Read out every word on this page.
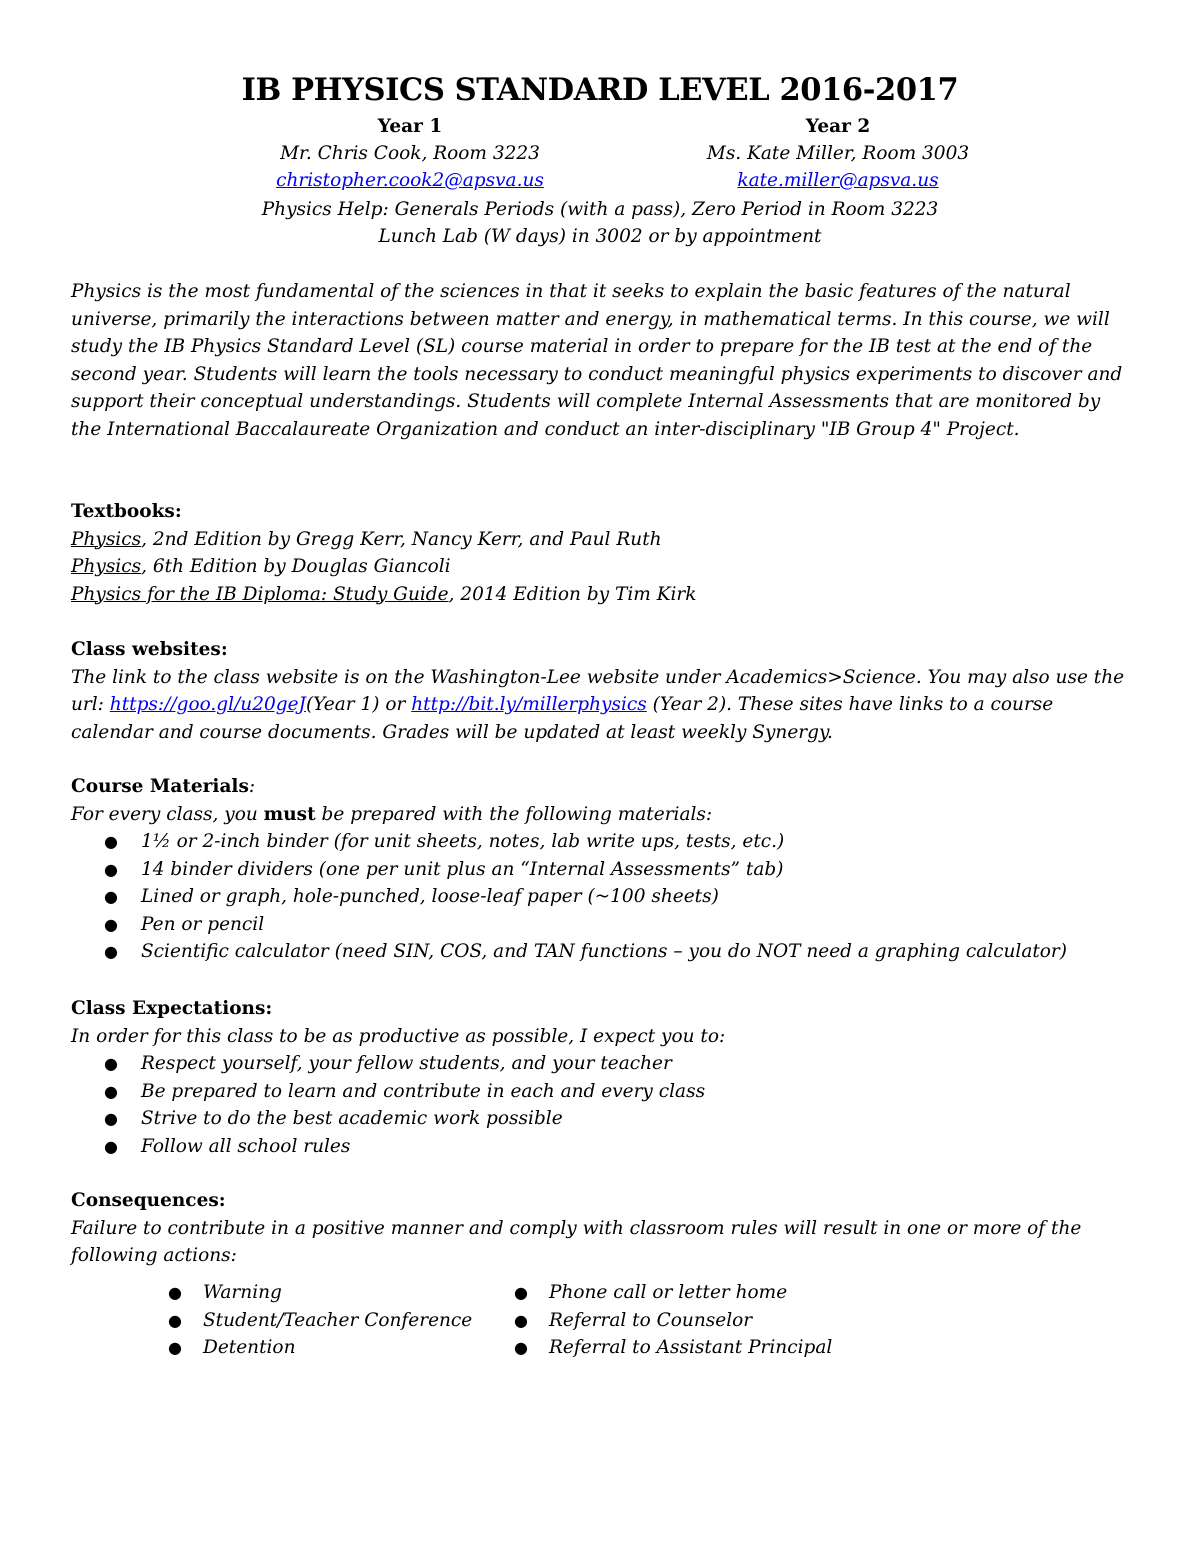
IB PHYSICS STANDARD LEVEL 2016-2017
Year 1
Mr. Chris Cook, Room 3223
christopher.cook2@apsva.us
Year 2
Ms. Kate Miller, Room 3003
kate.miller@apsva.us
Physics Help: Generals Periods (with a pass), Zero Period in Room 3223
Lunch Lab (W days) in 3002 or by appointment
Physics is the most fundamental of the sciences in that it seeks to explain the basic features of the natural universe, primarily the interactions between matter and energy, in mathematical terms. In this course, we will study the IB Physics Standard Level (SL) course material in order to prepare for the IB test at the end of the second year. Students will learn the tools necessary to conduct meaningful physics experiments to discover and support their conceptual understandings. Students will complete Internal Assessments that are monitored by the International Baccalaureate Organization and conduct an inter-disciplinary "IB Group 4" Project.
Textbooks:
Physics, 2nd Edition by Gregg Kerr, Nancy Kerr, and Paul Ruth
Physics, 6th Edition by Douglas Giancoli
Physics for the IB Diploma: Study Guide, 2014 Edition by Tim Kirk
Class websites:
The link to the class website is on the Washington-Lee website under Academics>Science. You may also use the url: https://goo.gl/u20geJ(Year 1) or http://bit.ly/millerphysics (Year 2). These sites have links to a course calendar and course documents. Grades will be updated at least weekly Synergy.
Course Materials:
For every class, you must be prepared with the following materials:
● 1½ or 2-inch binder (for unit sheets, notes, lab write ups, tests, etc.)
● 14 binder dividers (one per unit plus an “Internal Assessments” tab)
● Lined or graph, hole-punched, loose-leaf paper (~100 sheets)
● Pen or pencil
● Scientific calculator (need SIN, COS, and TAN functions – you do NOT need a graphing calculator)
Class Expectations:
In order for this class to be as productive as possible, I expect you to:
● Respect yourself, your fellow students, and your teacher
● Be prepared to learn and contribute in each and every class
● Strive to do the best academic work possible
● Follow all school rules
Consequences:
Failure to contribute in a positive manner and comply with classroom rules will result in one or more of the following actions:
● Warning
● Student/Teacher Conference
● Detention
● Phone call or letter home
● Referral to Counselor
● Referral to Assistant Principal
